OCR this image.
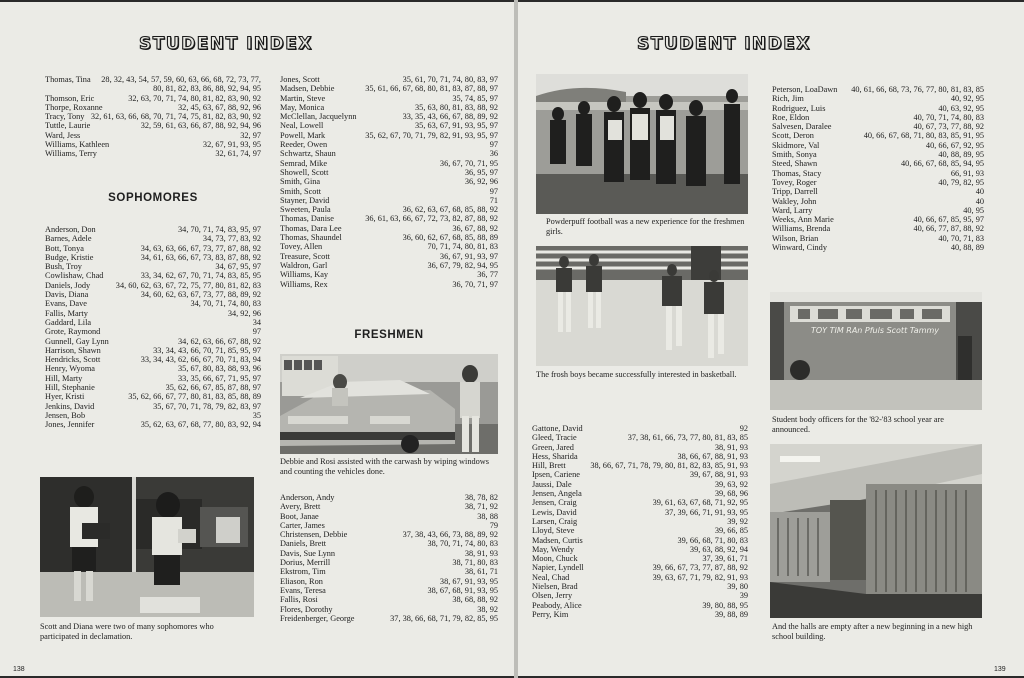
STUDENT INDEX
Thomas, Tina	28, 32, 43, 54, 57, 59, 60, 63, 66, 68, 72, 73, 77, 80, 81, 82, 83, 86, 88, 92, 94, 95
Thomson, Eric	32, 63, 70, 71, 74, 80, 81, 82, 83, 90, 92
Thorpe, Roxanne	32, 45, 63, 67, 88, 92, 96
Tracy, Tony 32, 61, 63, 66, 68, 70, 71, 74, 75, 81, 82, 83, 90, 92
Tuttle, Laurie	32, 59, 61, 63, 66, 87, 88, 92, 94, 96
Ward, Jess	32, 97
Williams, Kathleen	32, 67, 91, 93, 95
Williams, Terry	32, 61, 74, 97
SOPHOMORES
Anderson, Don	34, 70, 71, 74, 83, 95, 97
Barnes, Adele	34, 73, 77, 83, 92
Bott, Tonya	34, 63, 63, 66, 67, 73, 77, 87, 88, 92
Budge, Kristie	34, 61, 63, 66, 67, 73, 83, 87, 88, 92
Bush, Troy	34, 67, 95, 97
Cowlishaw, Chad	33, 34, 62, 67, 70, 71, 74, 83, 85, 95
Daniels, Jody	34, 60, 62, 63, 67, 72, 75, 77, 80, 81, 82, 83
Davis, Diana	34, 60, 62, 63, 67, 73, 77, 88, 89, 92
Evans, Dave	34, 70, 71, 74, 80, 83
Fallis, Marty	34, 92, 96
Gaddard, Lila	34
Grote, Raymond	97
Gunnell, Gay Lynn	34, 62, 63, 66, 67, 88, 92
Harrison, Shawn	33, 34, 43, 66, 70, 71, 85, 95, 97
Hendricks, Scott	33, 34, 43, 62, 66, 67, 70, 71, 83, 94
Henry, Wyoma	35, 67, 80, 83, 88, 93, 96
Hill, Marty	33, 35, 66, 67, 71, 95, 97
Hill, Stephanie	35, 62, 66, 67, 85, 87, 88, 97
Hyer, Kristi	35, 62, 66, 67, 77, 80, 81, 83, 85, 88, 89
Jenkins, David	35, 67, 70, 71, 78, 79, 82, 83, 97
Jensen, Bob	35
Jones, Jennifer	35, 62, 63, 67, 68, 77, 80, 83, 92, 94
Jones, Scott	35, 61, 70, 71, 74, 80, 83, 97
Madsen, Debbie	35, 61, 66, 67, 68, 80, 81, 83, 87, 88, 97
Martin, Steve	35, 74, 85, 97
May, Monica	35, 63, 80, 81, 83, 88, 92
McClellan, Jacquelynn	33, 35, 43, 66, 67, 88, 89, 92
Neal, Lowell	35, 63, 67, 91, 93, 95, 97
Powell, Mark	35, 62, 67, 70, 71, 79, 82, 91, 93, 95, 97
Reeder, Owen	97
Schwartz, Shaun	36
Semrad, Mike	36, 67, 70, 71, 95
Showell, Scott	36, 95, 97
Smith, Gina	36, 92, 96
Smith, Scott	97
Stayner, David	71
Sweeten, Paula	36, 62, 63, 67, 68, 85, 88, 92
Thomas, Danise	36, 61, 63, 66, 67, 72, 73, 82, 87, 88, 92
Thomas, Dara Lee	36, 67, 88, 92
Thomas, Shaundel	36, 60, 62, 67, 68, 85, 88, 89
Tovey, Allen	70, 71, 74, 80, 81, 83
Treasure, Scott	36, 67, 91, 93, 97
Waldron, Garl	36, 67, 79, 82, 94, 95
Williams, Kay	36, 77
Williams, Rex	36, 70, 71, 97
FRESHMEN

Debbie and Rosi assisted with the carwash by wiping windows and counting the vehicles done.

Anderson, Andy	38, 78, 82
Avery, Brett	38, 71, 92
Boot, Janae	38, 88
Carter, James	79
Christensen, Debbie	37, 38, 43, 66, 73, 88, 89, 92
Daniels, Brett	38, 70, 71, 74, 80, 83
Davis, Sue Lynn	38, 91, 93
Dorius, Merrill	38, 71, 80, 83
Ekstrom, Tim	38, 61, 71
Eliason, Ron	38, 67, 91, 93, 95
Evans, Teresa	38, 67, 68, 91, 93, 95
Fallis, Rosi	38, 68, 88, 92
Flores, Dorothy	38, 92
Freidenberger, George	37, 38, 66, 68, 71, 79, 82, 85, 95

Scott and Diana were two of many sophomores who participated in declamation.

138

STUDENT INDEX

Powderpuff football was a new experience for the freshmen girls.

The frosh boys became successfully interested in basketball.

Gattone, David	92
Gleed, Tracie	37, 38, 61, 66, 73, 77, 80, 81, 83, 85
Green, Jared	38, 91, 93
Hess, Sharida	38, 66, 67, 88, 91, 93
Hill, Brett	38, 66, 67, 71, 78, 79, 80, 81, 82, 83, 85, 91, 93
Ipsen, Cariene	39, 67, 88, 91, 93
Jaussi, Dale	39, 63, 92
Jensen, Angela	39, 68, 96
Jensen, Craig	39, 61, 63, 67, 68, 71, 92, 95
Lewis, David	37, 39, 66, 71, 91, 93, 95
Larsen, Craig	39, 92
Lloyd, Steve	39, 66, 85
Madsen, Curtis	39, 66, 68, 71, 80, 83
May, Wendy	39, 63, 88, 92, 94
Moon, Chuck	37, 39, 61, 71
Napier, Lyndell	39, 66, 67, 73, 77, 87, 88, 92
Neal, Chad	39, 63, 67, 71, 79, 82, 91, 93
Nielsen, Brad	39, 80
Olsen, Jerry	39
Peabody, Alice	39, 80, 88, 95
Perry, Kim	39, 88, 89
Peterson, LoaDawn	40, 61, 66, 68, 73, 76, 77, 80, 81, 83, 85
Rich, Jim	40, 92, 95
Rodriguez, Luis	40, 63, 92, 95
Roe, Eldon	40, 70, 71, 74, 80, 83
Salvesen, Daralee	40, 67, 73, 77, 88, 92
Scott, Deron	40, 66, 67, 68, 71, 80, 83, 85, 91, 95
Skidmore, Val	40, 66, 67, 92, 95
Smith, Sonya	40, 88, 89, 95
Steed, Shawn	40, 66, 67, 68, 85, 94, 95
Thomas, Stacy	66, 91, 93
Tovey, Roger	40, 79, 82, 95
Tripp, Darrell	40
Wakley, John	40
Ward, Larry	40, 95
Weeks, Ann Marie	40, 66, 67, 85, 95, 97
Williams, Brenda	40, 66, 77, 87, 88, 92
Wilson, Brian	40, 70, 71, 83
Winward, Cindy	40, 88, 89
TOY TIM RAn Pfuls Scott Tammy

Student body officers for the '82-'83 school year are announced.

And the halls are empty after a new beginning in a new high school building.

139
